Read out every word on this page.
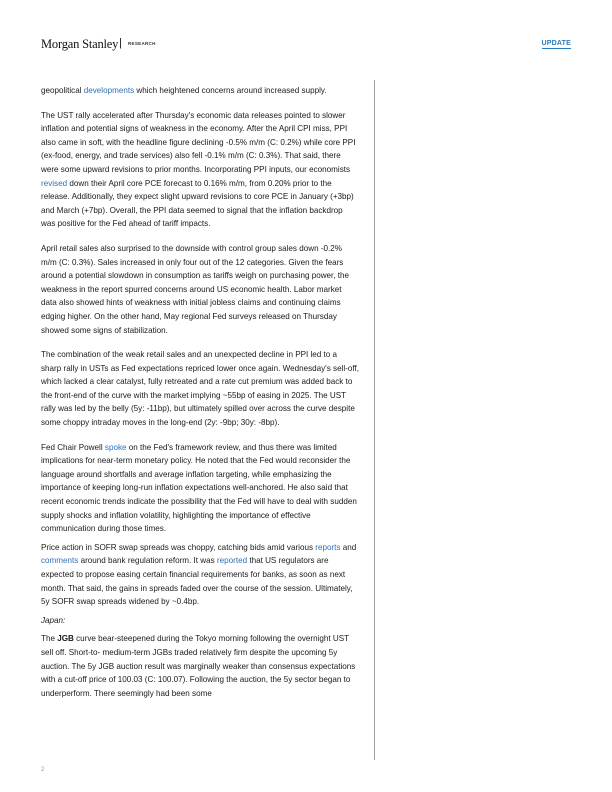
Morgan Stanley | RESEARCH	UPDATE

geopolitical developments which heightened concerns around increased supply.

The UST rally accelerated after Thursday's economic data releases pointed to slower inflation and potential signs of weakness in the economy. After the April CPI miss, PPI also came in soft, with the headline figure declining -0.5% m/m (C: 0.2%) while core PPI (ex-food, energy, and trade services) also fell -0.1% m/m (C: 0.3%). That said, there were some upward revisions to prior months. Incorporating PPI inputs, our economists revised down their April core PCE forecast to 0.16% m/m, from 0.20% prior to the release. Additionally, they expect slight upward revisions to core PCE in January (+3bp) and March (+7bp). Overall, the PPI data seemed to signal that the inflation backdrop was positive for the Fed ahead of tariff impacts.

April retail sales also surprised to the downside with control group sales down -0.2% m/m (C: 0.3%). Sales increased in only four out of the 12 categories. Given the fears around a potential slowdown in consumption as tariffs weigh on purchasing power, the weakness in the report spurred concerns around US economic health. Labor market data also showed hints of weakness with initial jobless claims and continuing claims edging higher. On the other hand, May regional Fed surveys released on Thursday showed some signs of stabilization.

The combination of the weak retail sales and an unexpected decline in PPI led to a sharp rally in USTs as Fed expectations repriced lower once again. Wednesday's sell-off, which lacked a clear catalyst, fully retreated and a rate cut premium was added back to the front-end of the curve with the market implying ~55bp of easing in 2025. The UST rally was led by the belly (5y: -11bp), but ultimately spilled over across the curve despite some choppy intraday moves in the long-end (2y: -9bp; 30y: -8bp).

Fed Chair Powell spoke on the Fed's framework review, and thus there was limited implications for near-term monetary policy. He noted that the Fed would reconsider the language around shortfalls and average inflation targeting, while emphasizing the importance of keeping long-run inflation expectations well-anchored. He also said that recent economic trends indicate the possibility that the Fed will have to deal with sudden supply shocks and inflation volatility, highlighting the importance of effective communication during those times.

Price action in SOFR swap spreads was choppy, catching bids amid various reports and comments around bank regulation reform. It was reported that US regulators are expected to propose easing certain financial requirements for banks, as soon as next month. That said, the gains in spreads faded over the course of the session. Ultimately, 5y SOFR swap spreads widened by ~0.4bp.

Japan:

The JGB curve bear-steepened during the Tokyo morning following the overnight UST sell off. Short-to- medium-term JGBs traded relatively firm despite the upcoming 5y auction. The 5y JGB auction result was marginally weaker than consensus expectations with a cut-off price of 100.03 (C: 100.07). Following the auction, the 5y sector began to underperform. There seemingly had been some

2
